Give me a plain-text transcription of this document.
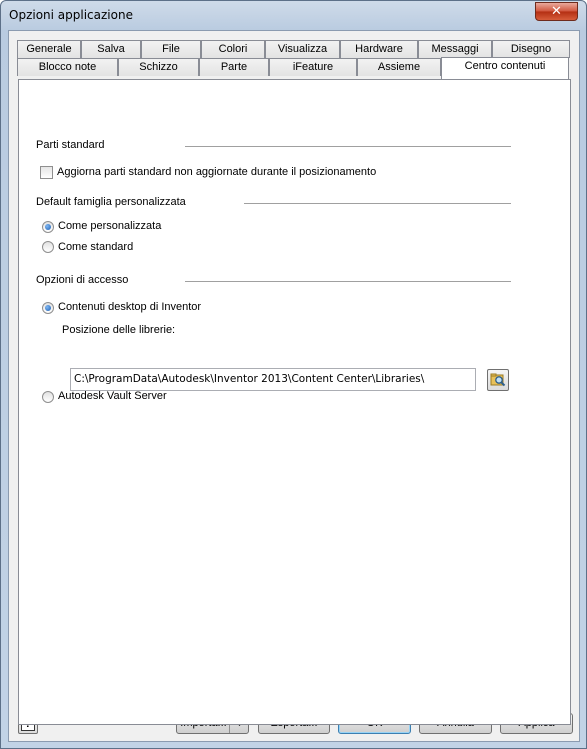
Opzioni applicazione	✕
Generale	Salva	File	Colori	Visualizza	Hardware	Messaggi	Disegno
Blocco note	Schizzo	Parte	iFeature	Assieme	Centro contenuti
Parti standard
Aggiorna parti standard non aggiornate durante il posizionamento
Default famiglia personalizzata
Come personalizzata
Come standard
Opzioni di accesso
Contenuti desktop di Inventor
Posizione delle librerie:
C:\ProgramData\Autodesk\Inventor 2013\Content Center\Libraries\
Autodesk Vault Server
